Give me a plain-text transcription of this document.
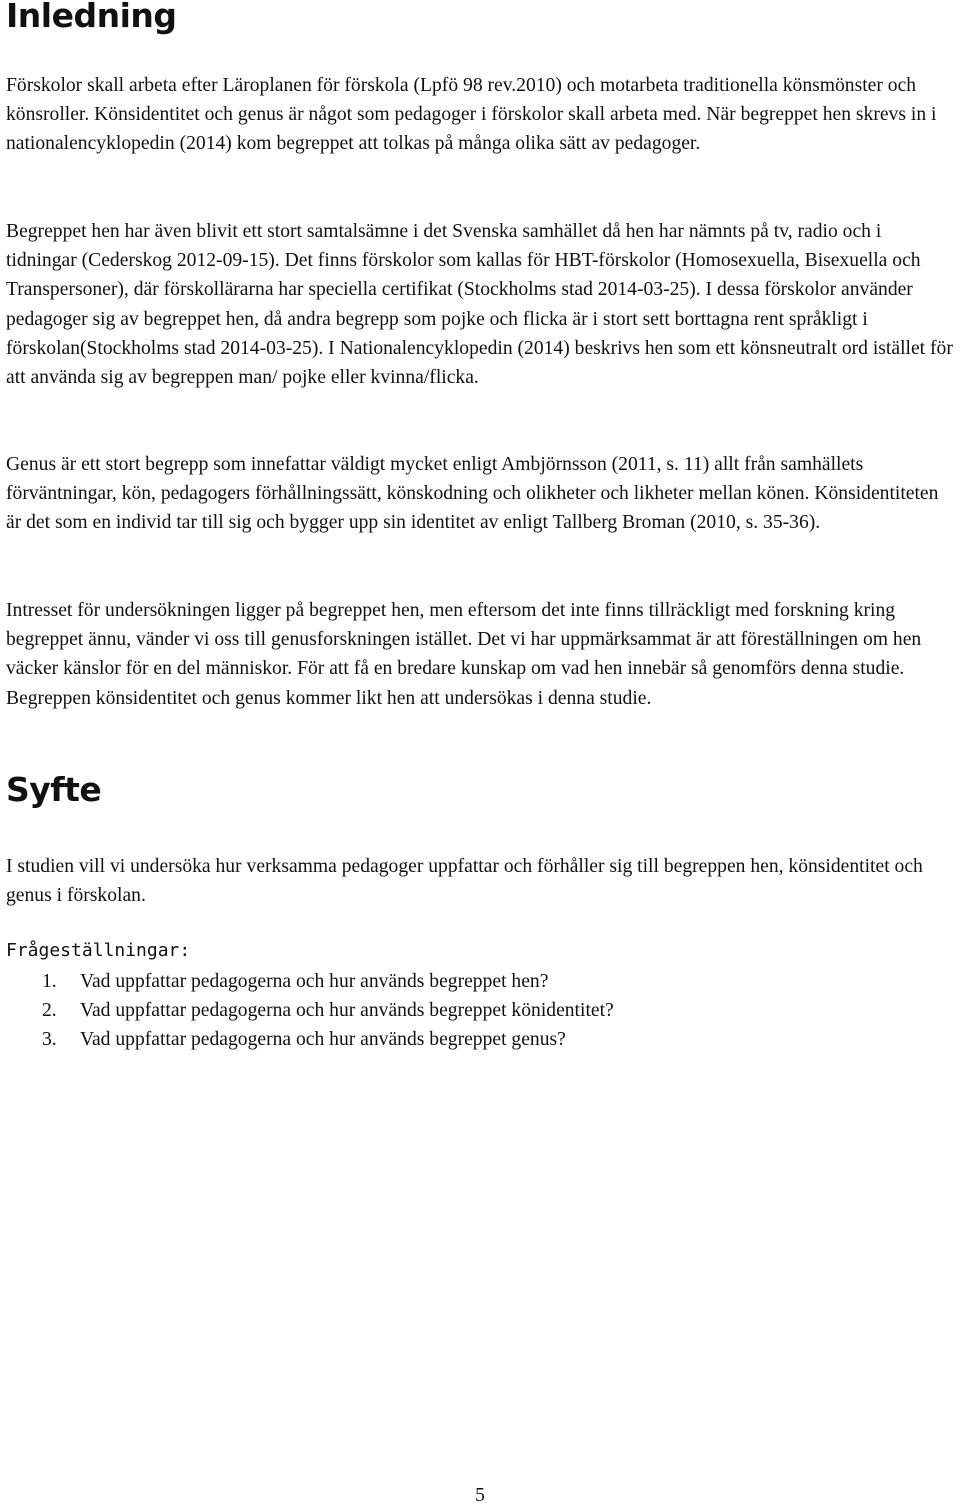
Inledning

Förskolor skall arbeta efter Läroplanen för förskola (Lpfö 98 rev.2010) och motarbeta traditionella könsmönster och könsroller. Könsidentitet och genus är något som pedagoger i förskolor skall arbeta med. När begreppet hen skrevs in i nationalencyklopedin (2014) kom begreppet att tolkas på många olika sätt av pedagoger.

Begreppet hen har även blivit ett stort samtalsämne i det Svenska samhället då hen har nämnts på tv, radio och i tidningar (Cederskog 2012-09-15). Det finns förskolor som kallas för HBT-förskolor (Homosexuella, Bisexuella och Transpersoner), där förskollärarna har speciella certifikat (Stockholms stad 2014-03-25). I dessa förskolor använder pedagoger sig av begreppet hen, då andra begrepp som pojke och flicka är i stort sett borttagna rent språkligt i förskolan(Stockholms stad 2014-03-25). I Nationalencyklopedin (2014) beskrivs hen som ett könsneutralt ord istället för att använda sig av begreppen man/ pojke eller kvinna/flicka.

Genus är ett stort begrepp som innefattar väldigt mycket enligt Ambjörnsson (2011, s. 11) allt från samhällets förväntningar, kön, pedagogers förhållningssätt, könskodning och olikheter och likheter mellan könen. Könsidentiteten är det som en individ tar till sig och bygger upp sin identitet av enligt Tallberg Broman (2010, s. 35-36).

Intresset för undersökningen ligger på begreppet hen, men eftersom det inte finns tillräckligt med forskning kring begreppet ännu, vänder vi oss till genusforskningen istället. Det vi har uppmärksammat är att föreställningen om hen väcker känslor för en del människor. För att få en bredare kunskap om vad hen innebär så genomförs denna studie. Begreppen könsidentitet och genus kommer likt hen att undersökas i denna studie.

Syfte

I studien vill vi undersöka hur verksamma pedagoger uppfattar och förhåller sig till begreppen hen, könsidentitet och genus i förskolan.

Frågeställningar:
1. Vad uppfattar pedagogerna och hur används begreppet hen?
2. Vad uppfattar pedagogerna och hur används begreppet könidentitet?
3. Vad uppfattar pedagogerna och hur används begreppet genus?
5
